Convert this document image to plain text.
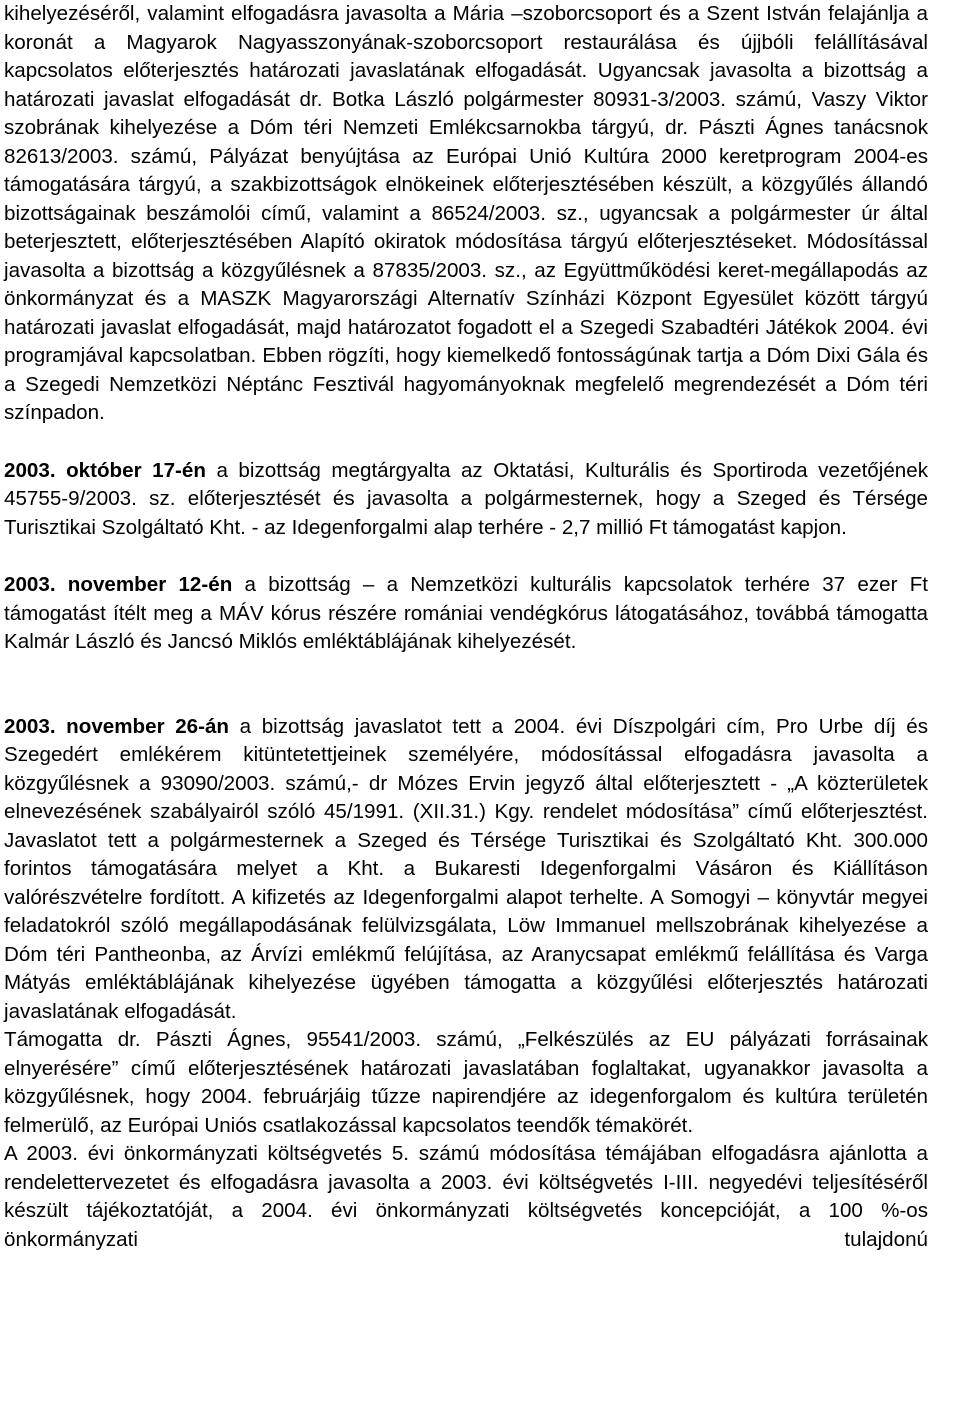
kihelyezéséről, valamint elfogadásra javasolta a Mária –szoborcsoport és a Szent István felajánlja a koronát a Magyarok Nagyasszonyának-szoborcsoport restaurálása és újjbóli felállításával kapcsolatos előterjesztés határozati javaslatának elfogadását. Ugyancsak javasolta a bizottság a határozati javaslat elfogadását dr. Botka László polgármester 80931-3/2003. számú, Vaszy Viktor szobrának kihelyezése a Dóm téri Nemzeti Emlékcsarnokba tárgyú, dr. Pászti Ágnes tanácsnok 82613/2003. számú, Pályázat benyújtása az Európai Unió Kultúra 2000 keretprogram 2004-es támogatására tárgyú, a szakbizottságok elnökeinek előterjesztésében készült, a közgyűlés állandó bizottságainak beszámolói című, valamint a 86524/2003. sz., ugyancsak a polgármester úr által beterjesztett, előterjesztésében Alapító okiratok módosítása tárgyú előterjesztéseket. Módosítással javasolta a bizottság a közgyűlésnek a 87835/2003. sz., az Együttműködési keret-megállapodás az önkormányzat és a MASZK Magyarországi Alternatív Színházi Központ Egyesület között tárgyú határozati javaslat elfogadását, majd határozatot fogadott el a Szegedi Szabadtéri Játékok 2004. évi programjával kapcsolatban. Ebben rögzíti, hogy kiemelkedő fontosságúnak tartja a Dóm Dixi Gála és a Szegedi Nemzetközi Néptánc Fesztivál hagyományoknak megfelelő megrendezését a Dóm téri színpadon.

2003. október 17-én a bizottság megtárgyalta az Oktatási, Kulturális és Sportiroda vezetőjének 45755-9/2003. sz. előterjesztését és javasolta a polgármesternek, hogy a Szeged és Térsége Turisztikai Szolgáltató Kht. - az Idegenforgalmi alap terhére - 2,7 millió Ft támogatást kapjon.

2003. november 12-én a bizottság – a Nemzetközi kulturális kapcsolatok terhére 37 ezer Ft támogatást ítélt meg a MÁV kórus részére romániai vendégkórus látogatásához, továbbá támogatta Kalmár László és Jancsó Miklós emléktáblájának kihelyezését.

2003. november 26-án a bizottság javaslatot tett a 2004. évi Díszpolgári cím, Pro Urbe díj és Szegedért emlékérem kitüntetettjeinek személyére, módosítással elfogadásra javasolta a közgyűlésnek a 93090/2003. számú,- dr Mózes Ervin jegyző által előterjesztett - „A közterületek elnevezésének szabályairól szóló 45/1991. (XII.31.) Kgy. rendelet módosítása” című előterjesztést. Javaslatot tett a polgármesternek a Szeged és Térsége Turisztikai és Szolgáltató Kht. 300.000 forintos támogatására melyet a Kht. a Bukaresti Idegenforgalmi Vásáron és Kiállításon valórészvételre fordított. A kifizetés az Idegenforgalmi alapot terhelte. A Somogyi – könyvtár megyei feladatokról szóló megállapodásának felülvizsgálata, Löw Immanuel mellszobrának kihelyezése a Dóm téri Pantheonba, az Árvízi emlékmű felújítása, az Aranycsapat emlékmű felállítása és Varga Mátyás emléktáblájának kihelyezése ügyében támogatta a közgyűlési előterjesztés határozati javaslatának elfogadását.

Támogatta dr. Pászti Ágnes, 95541/2003. számú, „Felkészülés az EU pályázati forrásainak elnyerésére” című előterjesztésének határozati javaslatában foglaltakat, ugyanakkor javasolta a közgyűlésnek, hogy 2004. februárjáig tűzze napirendjére az idegenforgalom és kultúra területén felmerülő, az Európai Uniós csatlakozással kapcsolatos teendők témakörét.

A 2003. évi önkormányzati költségvetés 5. számú módosítása témájában elfogadásra ajánlotta a rendelettervezetet és elfogadásra javasolta a 2003. évi költségvetés I-III. negyedévi teljesítéséről készült tájékoztatóját, a 2004. évi önkormányzati költségvetés koncepcióját, a 100 %-os önkormányzati tulajdonú
